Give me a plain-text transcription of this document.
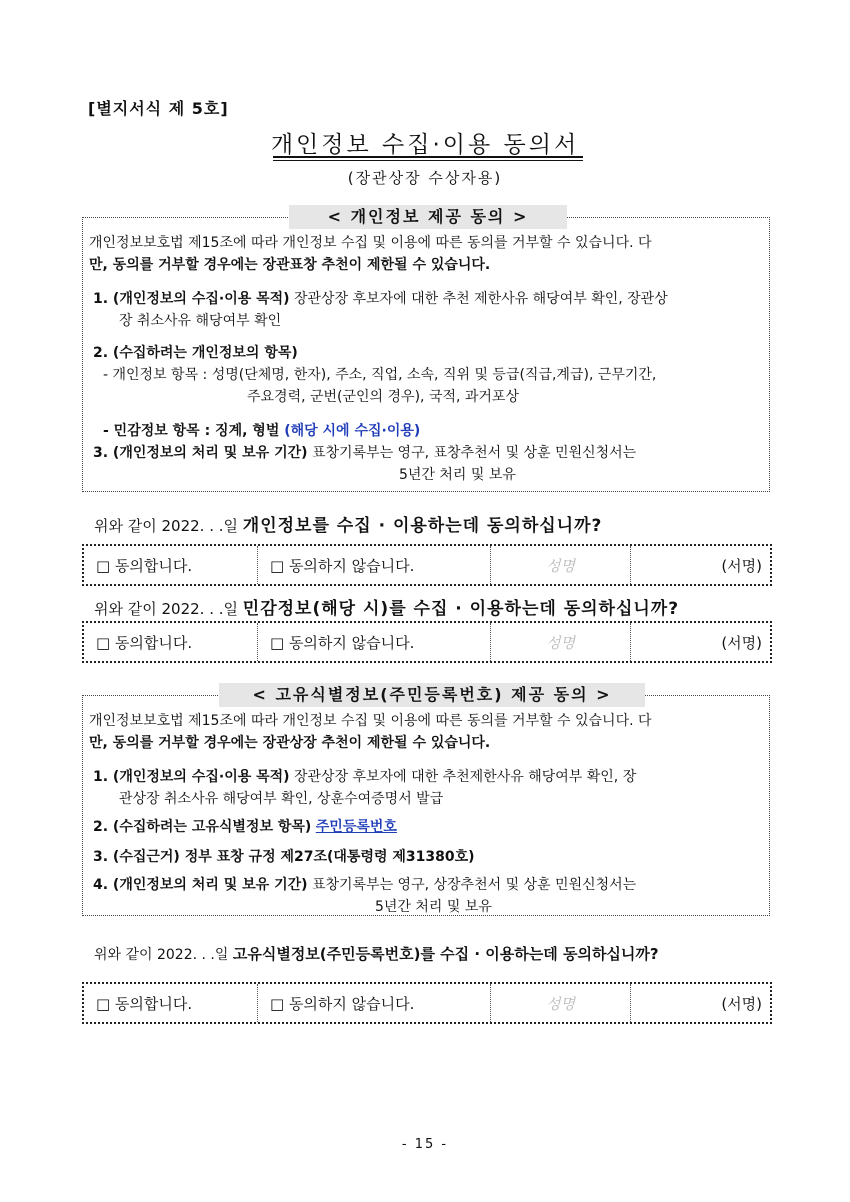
[별지서식 제 5호]
개인정보 수집·이용 동의서
(장관상장 수상자용)
< 개인정보 제공 동의 >
개인정보보호법 제15조에 따라 개인정보 수집 및 이용에 따른 동의를 거부할 수 있습니다. 다
만, 동의를 거부할 경우에는 장관표창 추천이 제한될 수 있습니다.
1. (개인정보의 수집·이용 목적) 장관상장 후보자에 대한 추천 제한사유 해당여부 확인, 장관상
장 취소사유 해당여부 확인
2. (수집하려는 개인정보의 항목)
- 개인정보 항목 : 성명(단체명, 한자), 주소, 직업, 소속, 직위 및 등급(직급,계급), 근무기간,
주요경력, 군번(군인의 경우), 국적, 과거포상
- 민감정보 항목 : 징계, 형벌 (해당 시에 수집·이용)
3. (개인정보의 처리 및 보유 기간) 표창기록부는 영구, 표창추천서 및 상훈 민원신청서는
5년간 처리 및 보유
위와 같이 2022. . .일 개인정보를 수집 · 이용하는데 동의하십니까?
□ 동의합니다.	□ 동의하지 않습니다.	성명	(서명)
위와 같이 2022. . .일 민감정보(해당 시)를 수집 · 이용하는데 동의하십니까?
□ 동의합니다.	□ 동의하지 않습니다.	성명	(서명)
< 고유식별정보(주민등록번호) 제공 동의 >
개인정보보호법 제15조에 따라 개인정보 수집 및 이용에 따른 동의를 거부할 수 있습니다. 다
만, 동의를 거부할 경우에는 장관상장 추천이 제한될 수 있습니다.
1. (개인정보의 수집·이용 목적) 장관상장 후보자에 대한 추천제한사유 해당여부 확인, 장
관상장 취소사유 해당여부 확인, 상훈수여증명서 발급
2. (수집하려는 고유식별정보 항목) 주민등록번호
3. (수집근거) 정부 표창 규정 제27조(대통령령 제31380호)
4. (개인정보의 처리 및 보유 기간) 표창기록부는 영구, 상장추천서 및 상훈 민원신청서는
5년간 처리 및 보유
위와 같이 2022. . .일 고유식별정보(주민등록번호)를 수집 · 이용하는데 동의하십니까?
□ 동의합니다.	□ 동의하지 않습니다.	성명	(서명)
- 15 -
